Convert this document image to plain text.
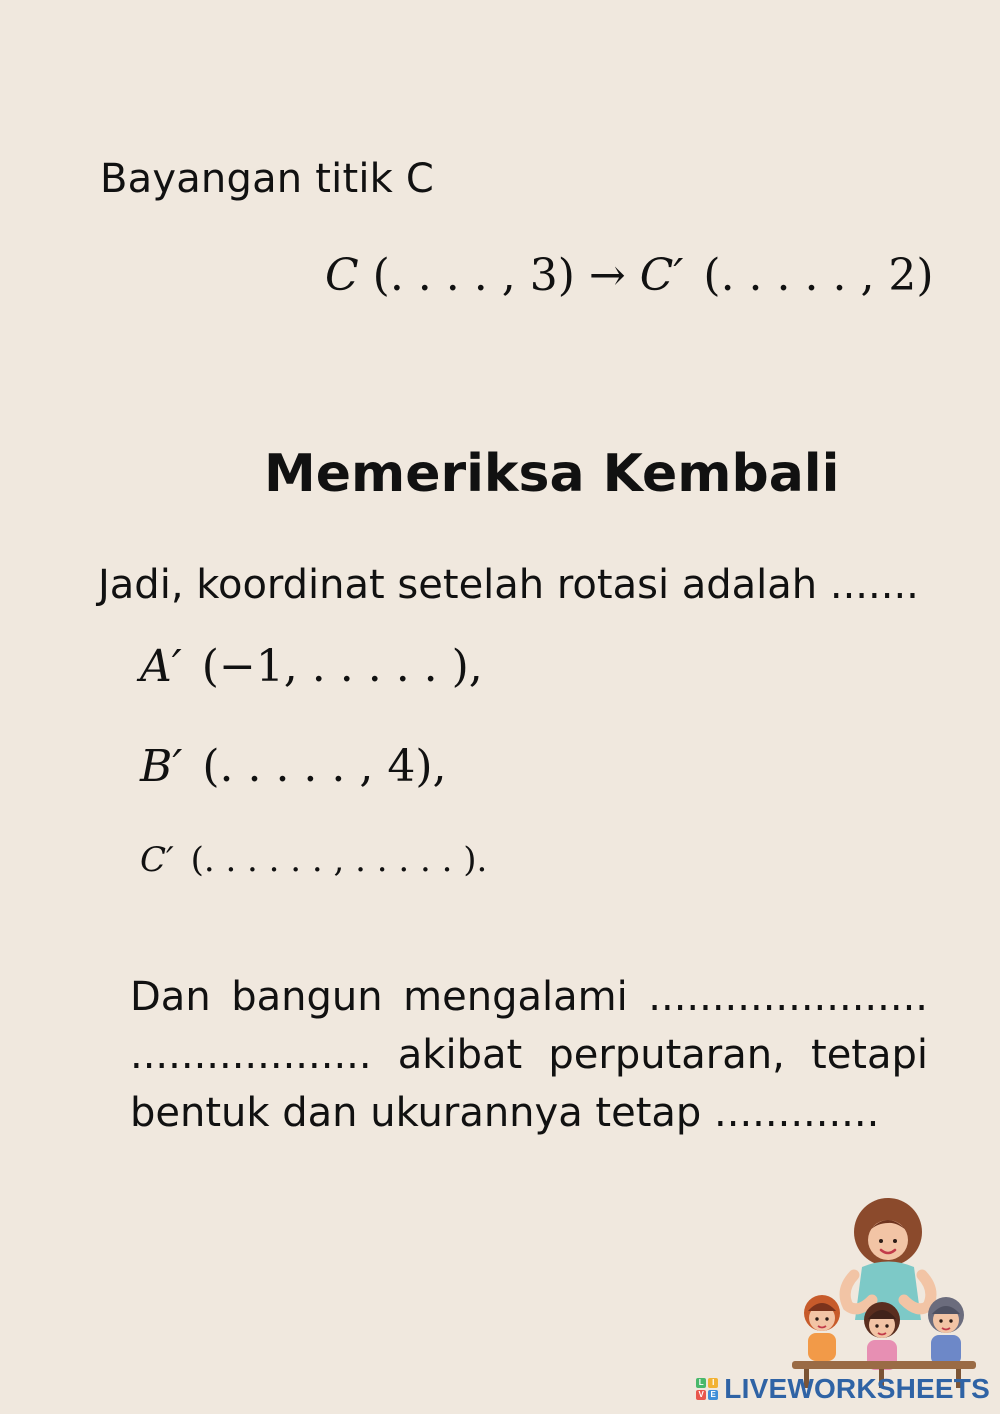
Bayangan titik C
C (. . . . , 3) → C′ (. . . . . , 2)
Memeriksa Kembali
Jadi, koordinat setelah rotasi adalah .......
A′ (−1, . . . . . ),
B′ (. . . . . , 4),
C′ (. . . . . . , . . . . . ).
Dan bangun mengalami ...................... ................... akibat perputaran, tetapi bentuk dan ukurannya tetap .............
L	I
V E LIVEWORKSHEETS
